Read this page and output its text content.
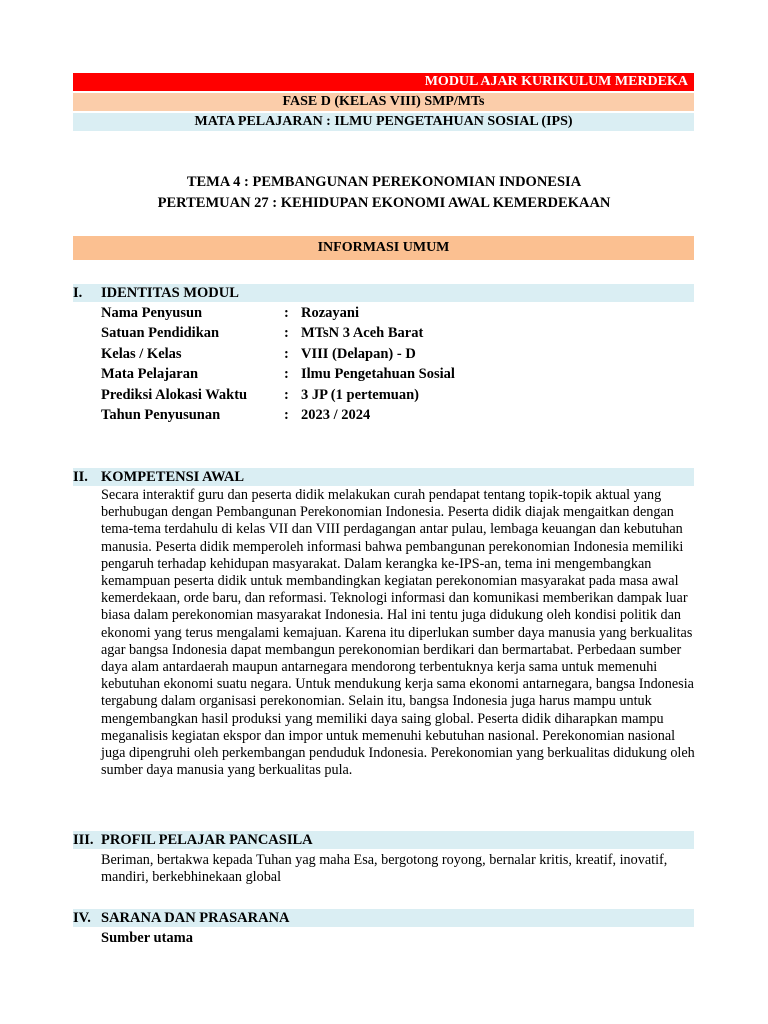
MODUL AJAR KURIKULUM MERDEKA
FASE D (KELAS VIII) SMP/MTs
MATA PELAJARAN : ILMU PENGETAHUAN SOSIAL (IPS)
TEMA 4 : PEMBANGUNAN PEREKONOMIAN INDONESIA
PERTEMUAN 27 : KEHIDUPAN EKONOMI AWAL KEMERDEKAAN
INFORMASI UMUM
I. IDENTITAS MODUL
Nama Penyusun	: Rozayani
Satuan Pendidikan	: MTsN 3 Aceh Barat
Kelas / Kelas	: VIII (Delapan) - D
Mata Pelajaran	: Ilmu Pengetahuan Sosial
Prediksi Alokasi Waktu	: 3 JP (1 pertemuan)
Tahun Penyusunan	: 2023 / 2024
II. KOMPETENSI AWAL
Secara interaktif guru dan peserta didik melakukan curah pendapat tentang topik-topik aktual yang berhubugan dengan Pembangunan Perekonomian Indonesia. Peserta didik diajak mengaitkan dengan tema-tema terdahulu di kelas VII dan VIII perdagangan antar pulau, lembaga keuangan dan kebutuhan manusia. Peserta didik memperoleh informasi bahwa pembangunan perekonomian Indonesia memiliki pengaruh terhadap kehidupan masyarakat. Dalam kerangka ke-IPS-an, tema ini mengembangkan kemampuan peserta didik untuk membandingkan kegiatan perekonomian masyarakat pada masa awal kemerdekaan, orde baru, dan reformasi. Teknologi informasi dan komunikasi memberikan dampak luar biasa dalam perekonomian masyarakat Indonesia. Hal ini tentu juga didukung oleh kondisi politik dan ekonomi yang terus mengalami kemajuan. Karena itu diperlukan sumber daya manusia yang berkualitas agar bangsa Indonesia dapat membangun perekonomian berdikari dan bermartabat. Perbedaan sumber daya alam antardaerah maupun antarnegara mendorong terbentuknya kerja sama untuk memenuhi kebutuhan ekonomi suatu negara. Untuk mendukung kerja sama ekonomi antarnegara, bangsa Indonesia tergabung dalam organisasi perekonomian. Selain itu, bangsa Indonesia juga harus mampu untuk mengembangkan hasil produksi yang memiliki daya saing global. Peserta didik diharapkan mampu meganalisis kegiatan ekspor dan impor untuk memenuhi kebutuhan nasional. Perekonomian nasional juga dipengruhi oleh perkembangan penduduk Indonesia. Perekonomian yang berkualitas didukung oleh sumber daya manusia yang berkualitas pula.
III. PROFIL PELAJAR PANCASILA
Beriman, bertakwa kepada Tuhan yag maha Esa, bergotong royong, bernalar kritis, kreatif, inovatif, mandiri, berkebhinekaan global
IV. SARANA DAN PRASARANA
Sumber utama
